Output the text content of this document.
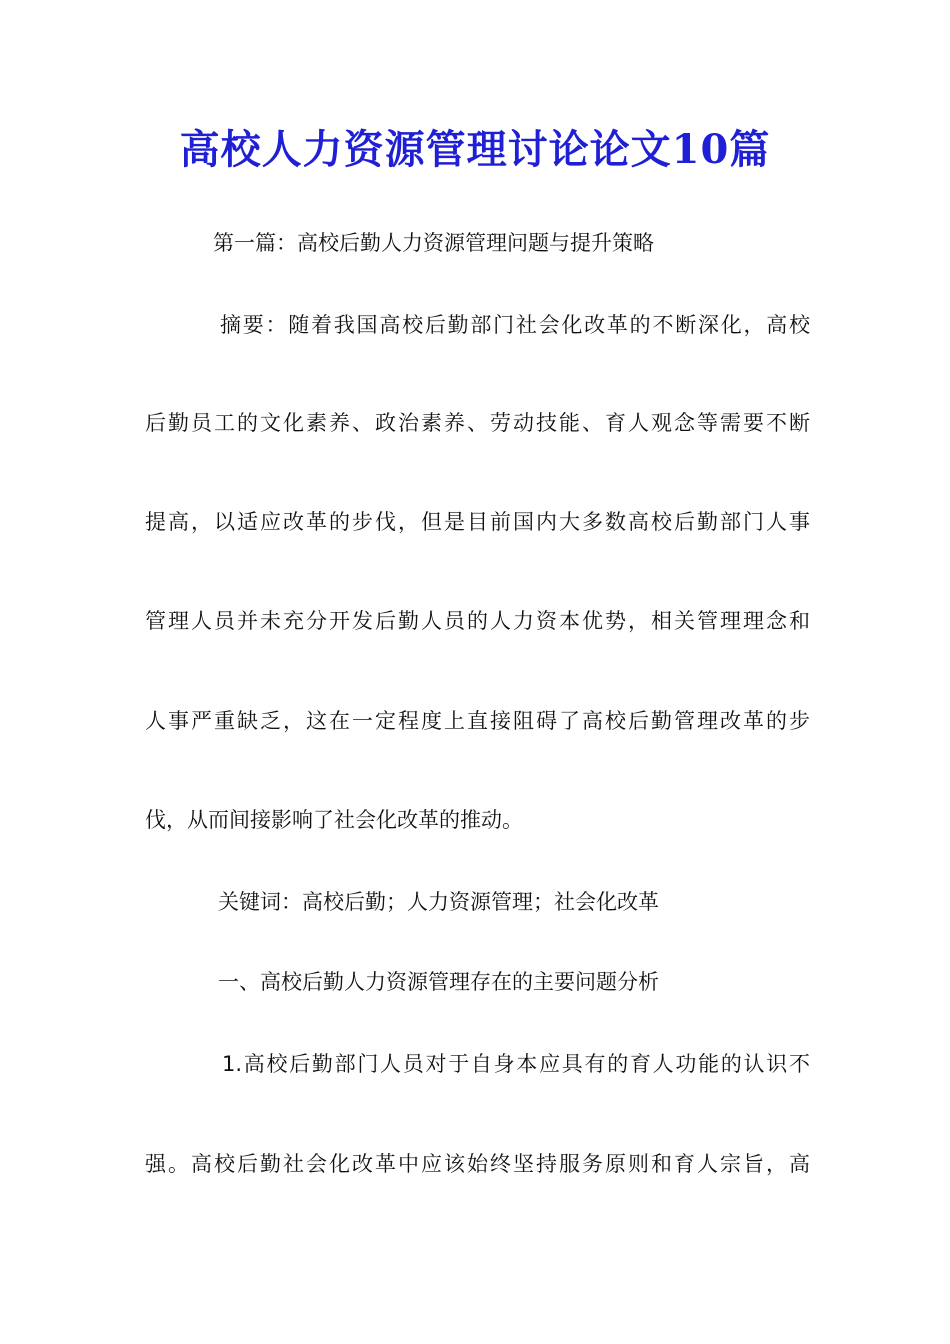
高校人力资源管理讨论论文10篇
第一篇：高校后勤人力资源管理问题与提升策略
摘要：随着我国高校后勤部门社会化改革的不断深化，高校
后勤员工的文化素养、政治素养、劳动技能、育人观念等需要不断
提高，以适应改革的步伐，但是目前国内大多数高校后勤部门人事
管理人员并未充分开发后勤人员的人力资本优势，相关管理理念和
人事严重缺乏，这在一定程度上直接阻碍了高校后勤管理改革的步
伐，从而间接影响了社会化改革的推动。
关键词：高校后勤；人力资源管理；社会化改革
一、高校后勤人力资源管理存在的主要问题分析
1.高校后勤部门人员对于自身本应具有的育人功能的认识不
强。高校后勤社会化改革中应该始终坚持服务原则和育人宗旨，高
